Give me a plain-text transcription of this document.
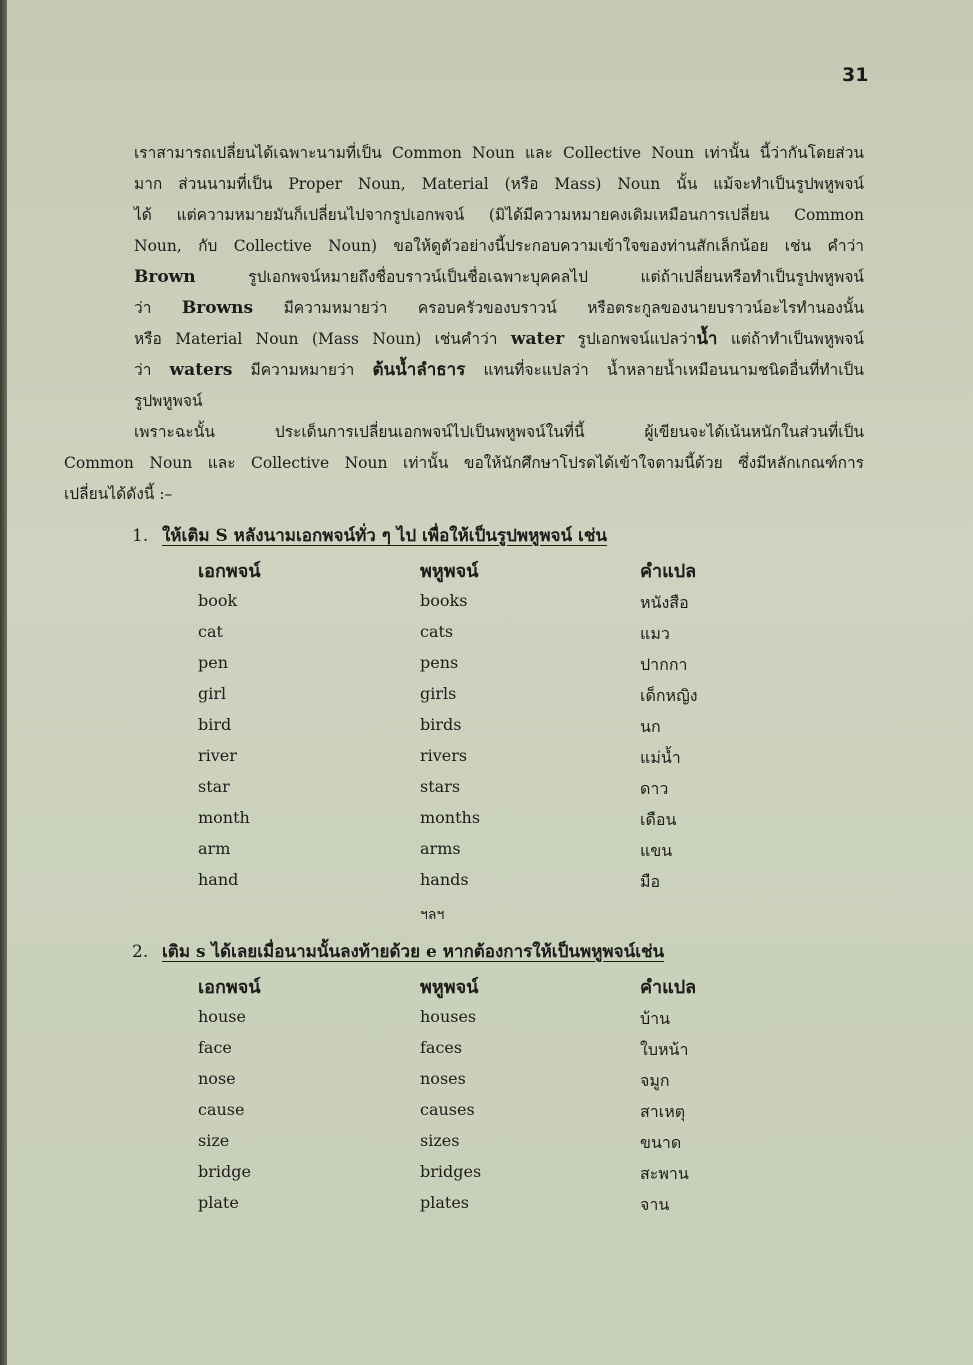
31

เราสามารถเปลี่ยนได้เฉพาะนามที่เป็น Common Noun และ Collective Noun เท่านั้น นี้ว่ากันโดยส่วน

มาก ส่วนนามที่เป็น Proper Noun, Material (หรือ Mass) Noun นั้น แม้จะทำเป็นรูปพหูพจน์

ได้ แต่ความหมายมันก็เปลี่ยนไปจากรูปเอกพจน์ (มิได้มีความหมายคงเดิมเหมือนการเปลี่ยน Common

Noun, กับ Collective Noun) ขอให้ดูตัวอย่างนี้ประกอบความเข้าใจของท่านสักเล็กน้อย เช่น คำว่า

Brown รูปเอกพจน์หมายถึงชื่อบราวน์เป็นชื่อเฉพาะบุคคลไป แต่ถ้าเปลี่ยนหรือทำเป็นรูปพหูพจน์

ว่า Browns มีความหมายว่า ครอบครัวของบราวน์ หรือตระกูลของนายบราวน์อะไรทำนองนั้น

หรือ Material Noun (Mass Noun) เช่นคำว่า water รูปเอกพจน์แปลว่าน้ำ แต่ถ้าทำเป็นพหูพจน์

ว่า waters มีความหมายว่า ต้นน้ำลำธาร แทนที่จะแปลว่า น้ำหลายน้ำเหมือนนามชนิดอื่นที่ทำเป็น

รูปพหูพจน์

เพราะฉะนั้น ประเด็นการเปลี่ยนเอกพจน์ไปเป็นพหูพจน์ในที่นี้ ผู้เขียนจะได้เน้นหนักในส่วนที่เป็น

Common Noun และ Collective Noun เท่านั้น ขอให้นักศึกษาโปรดได้เข้าใจตามนี้ด้วย ซึ่งมีหลักเกณฑ์การ

เปลี่ยนได้ดังนี้ :–

1. ให้เติม S หลังนามเอกพจน์ทั่ว ๆ ไป เพื่อให้เป็นรูปพหูพจน์ เช่น
เอกพจน์	พหูพจน์	คำแปล
book	books	หนังสือ
cat	cats	แมว
pen	pens	ปากกา
girl	girls	เด็กหญิง
bird	birds	นก
river	rivers	แม่น้ำ
star	stars	ดาว
month	months	เดือน
arm	arms	แขน
hand	hands	มือ
ฯลฯ
2. เติม s ได้เลยเมื่อนามนั้นลงท้ายด้วย e หากต้องการให้เป็นพหูพจน์เช่น
เอกพจน์	พหูพจน์	คำแปล
house	houses	บ้าน
face	faces	ใบหน้า
nose	noses	จมูก
cause	causes	สาเหตุ
size	sizes	ขนาด
bridge	bridges	สะพาน
plate	plates	จาน
